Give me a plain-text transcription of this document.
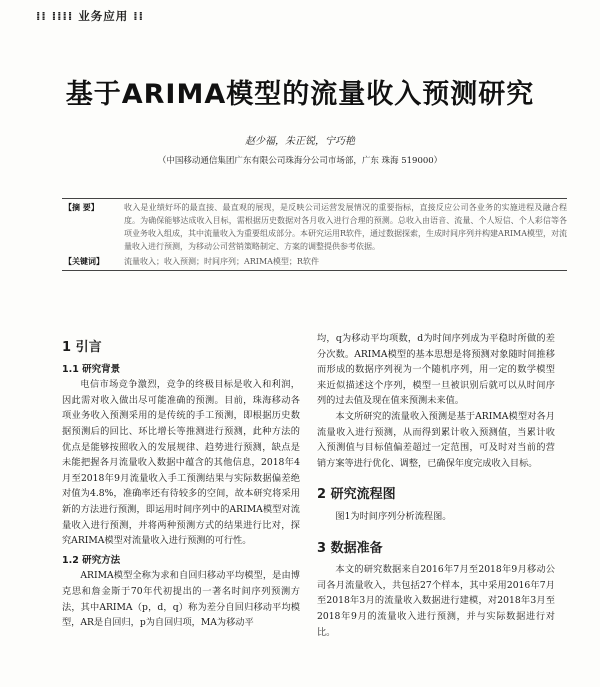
⁞⁞ ⁞⁞⁞⁞ 业务应用 ⁞⁞
基于ARIMA模型的流量收入预测研究
赵少福，朱正锐，宁巧艳
（中国移动通信集团广东有限公司珠海分公司市场部，广东 珠海 519000）
【摘 要】	收入是业绩好坏的最直接、最直观的展现，是反映公司运营发展情况的重要指标，直接反应公司各业务的实施进程及融合程度。为确保能够达成收入目标，需根据历史数据对各月收入进行合理的预测。总收入由语音、流量、个人短信、个人彩信等各项业务收入组成，其中流量收入为重要组成部分。本研究运用R软件，通过数据探索，生成时间序列并构建ARIMA模型，对流量收入进行预测，为移动公司营销策略制定、方案的调整提供参考依据。
【关键词】	流量收入；收入预测；时间序列；ARIMA模型；R软件
1 引言
1.1 研究背景

电信市场竞争激烈，竞争的终极目标是收入和利润，因此需对收入做出尽可能准确的预测。目前，珠海移动各项业务收入预测采用的是传统的手工预测，即根据历史数据预测后的回比、环比增长等推测进行预测，此种方法的优点是能够按照收入的发展规律、趋势进行预测，缺点是未能把握各月流量收入数据中蕴含的其他信息，2018年4月至2018年9月流量收入手工预测结果与实际数据偏差绝对值为4.8%，准确率还有待较多的空间，故本研究将采用新的方法进行预测，即运用时间序列中的ARIMA模型对流量收入进行预测，并将两种预测方式的结果进行比对，探究ARIMA模型对流量收入进行预测的可行性。

1.2 研究方法

ARIMA模型全称为求和自回归移动平均模型，是由博克思和詹金斯于70年代初提出的一著名时间序列预测方法，其中ARIMA（p，d，q）称为差分自回归移动平均模型，AR是自回归，p为自回归项，MA为移动平

均，q为移动平均项数，d为时间序列成为平稳时所做的差分次数。ARIMA模型的基本思想是将预测对象随时间推移而形成的数据序列视为一个随机序列，用一定的数学模型来近似描述这个序列，模型一旦被识别后就可以从时间序列的过去值及现在值来预测未来值。

本文所研究的流量收入预测是基于ARIMA模型对各月流量收入进行预测，从而得到累计收入预测值，当累计收入预测值与目标值偏差超过一定范围，可及时对当前的营销方案等进行优化、调整，已确保年度完成收入目标。

2 研究流程图

图1为时间序列分析流程图。

3 数据准备

本文的研究数据来自2016年7月至2018年9月移动公司各月流量收入，共包括27个样本，其中采用2016年7月至2018年3月的流量收入数据进行建模，对2018年3月至2018年9月的流量收入进行预测，并与实际数据进行对比。
